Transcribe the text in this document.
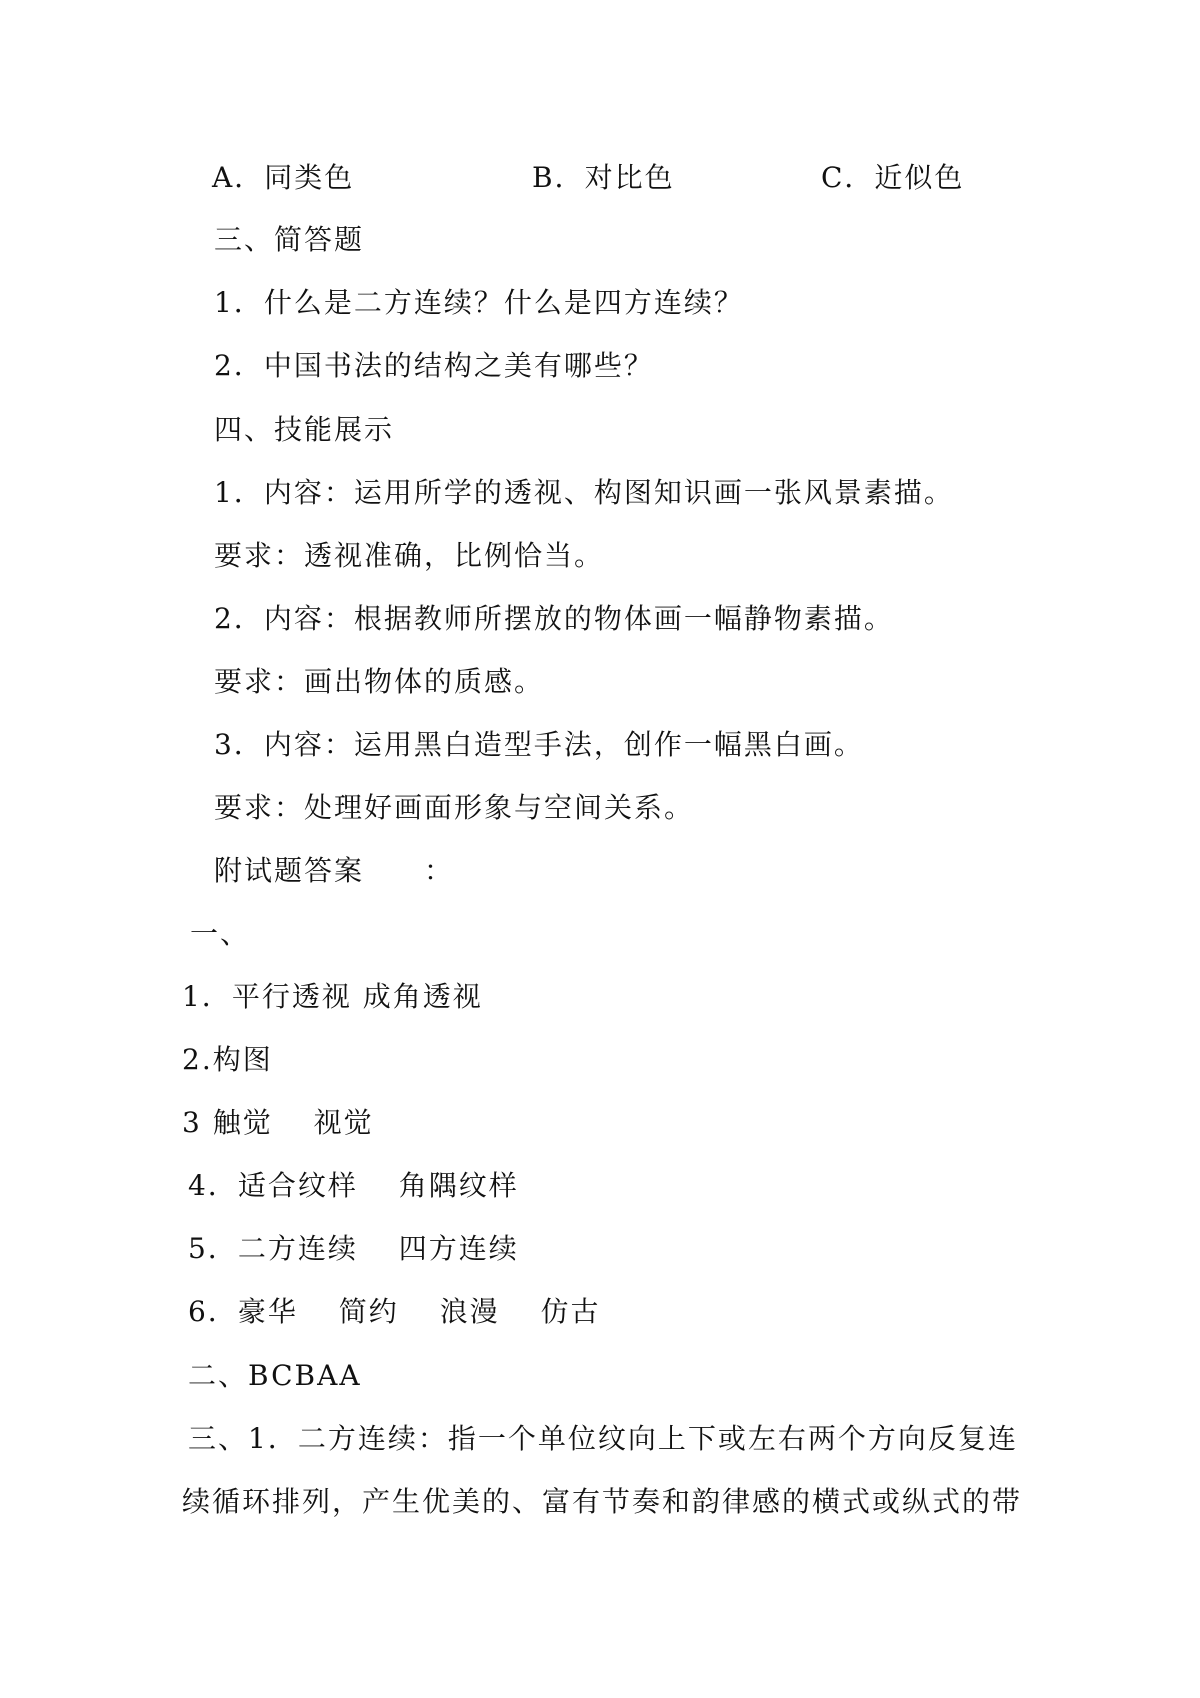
A．同类色	B．对比色	C．近似色
三、简答题
1．什么是二方连续？什么是四方连续？
2．中国书法的结构之美有哪些？
四、技能展示
1．内容：运用所学的透视、构图知识画一张风景素描。
要求：透视准确，比例恰当。
2．内容：根据教师所摆放的物体画一幅静物素描。
要求：画出物体的质感。
3．内容：运用黑白造型手法，创作一幅黑白画。
要求：处理好画面形象与空间关系。
附试题答案　　：
一、
1．平行透视 成角透视
2.构图
3 触觉　 视觉
4．适合纹样　 角隅纹样
5．二方连续　 四方连续
6．豪华　 简约　 浪漫　 仿古
二、BCBAA
三、1．二方连续：指一个单位纹向上下或左右两个方向反复连
续循环排列，产生优美的、富有节奏和韵律感的横式或纵式的带
